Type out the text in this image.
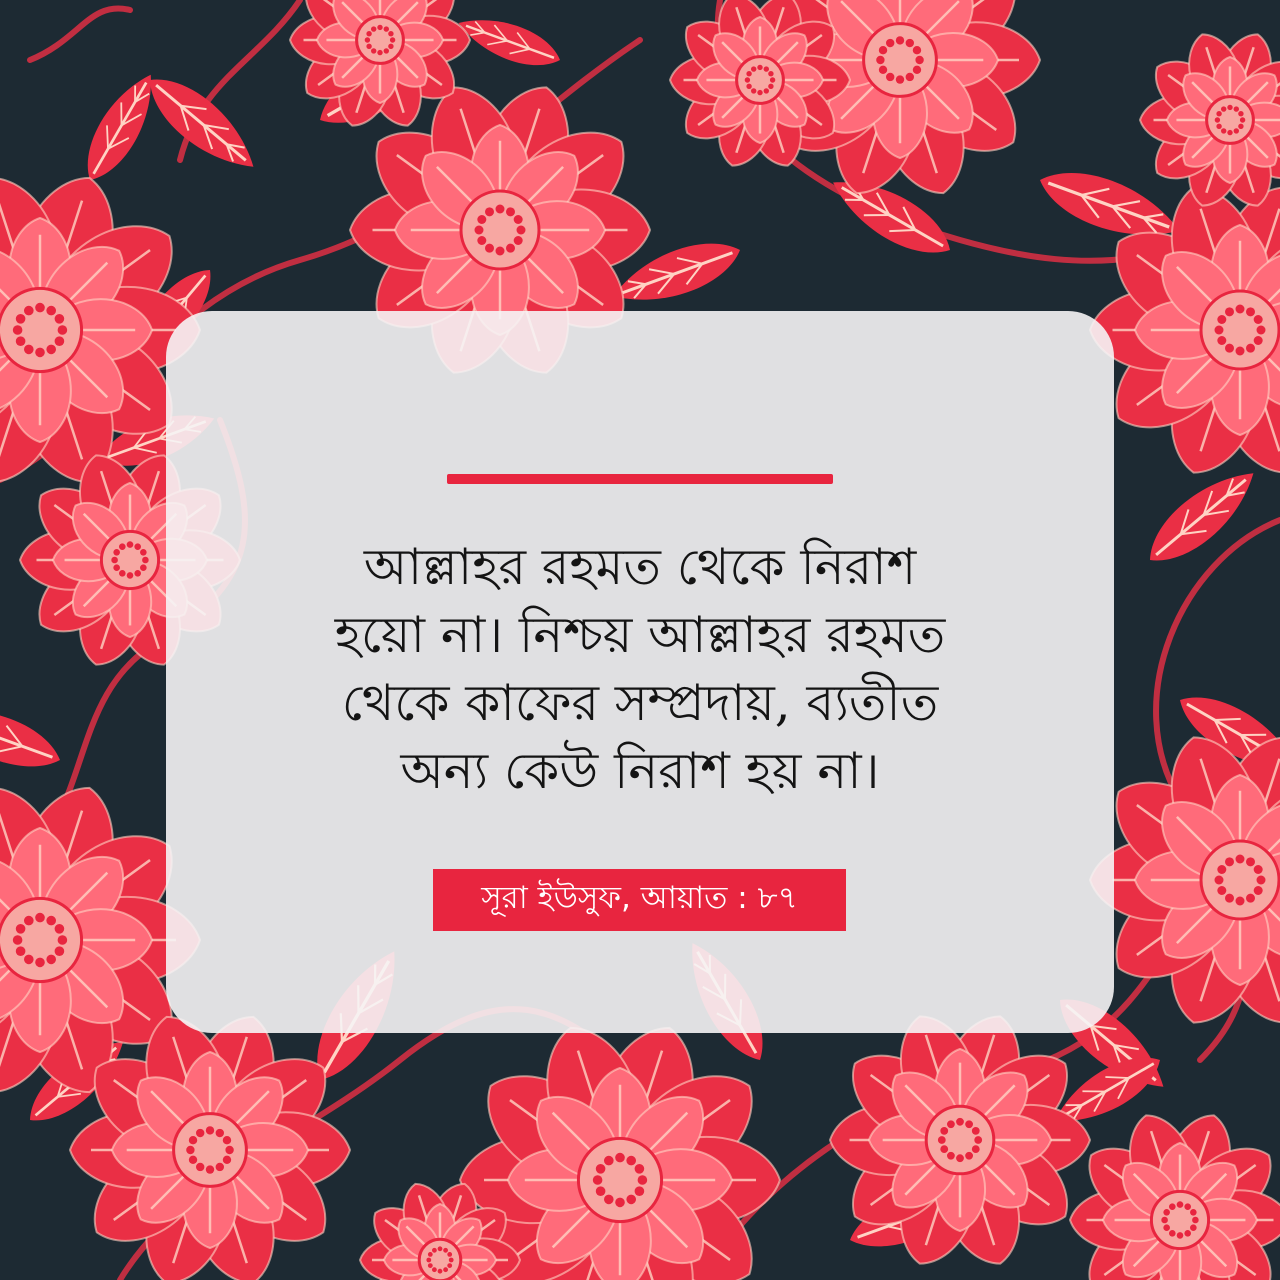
আল্লাহর রহমত থেকে নিরাশ
হয়ো না। নিশ্চয় আল্লাহর রহমত
থেকে কাফের সম্প্রদায়, ব্যতীত
অন্য কেউ নিরাশ হয় না।

সূরা ইউসুফ, আয়াত : ৮৭
